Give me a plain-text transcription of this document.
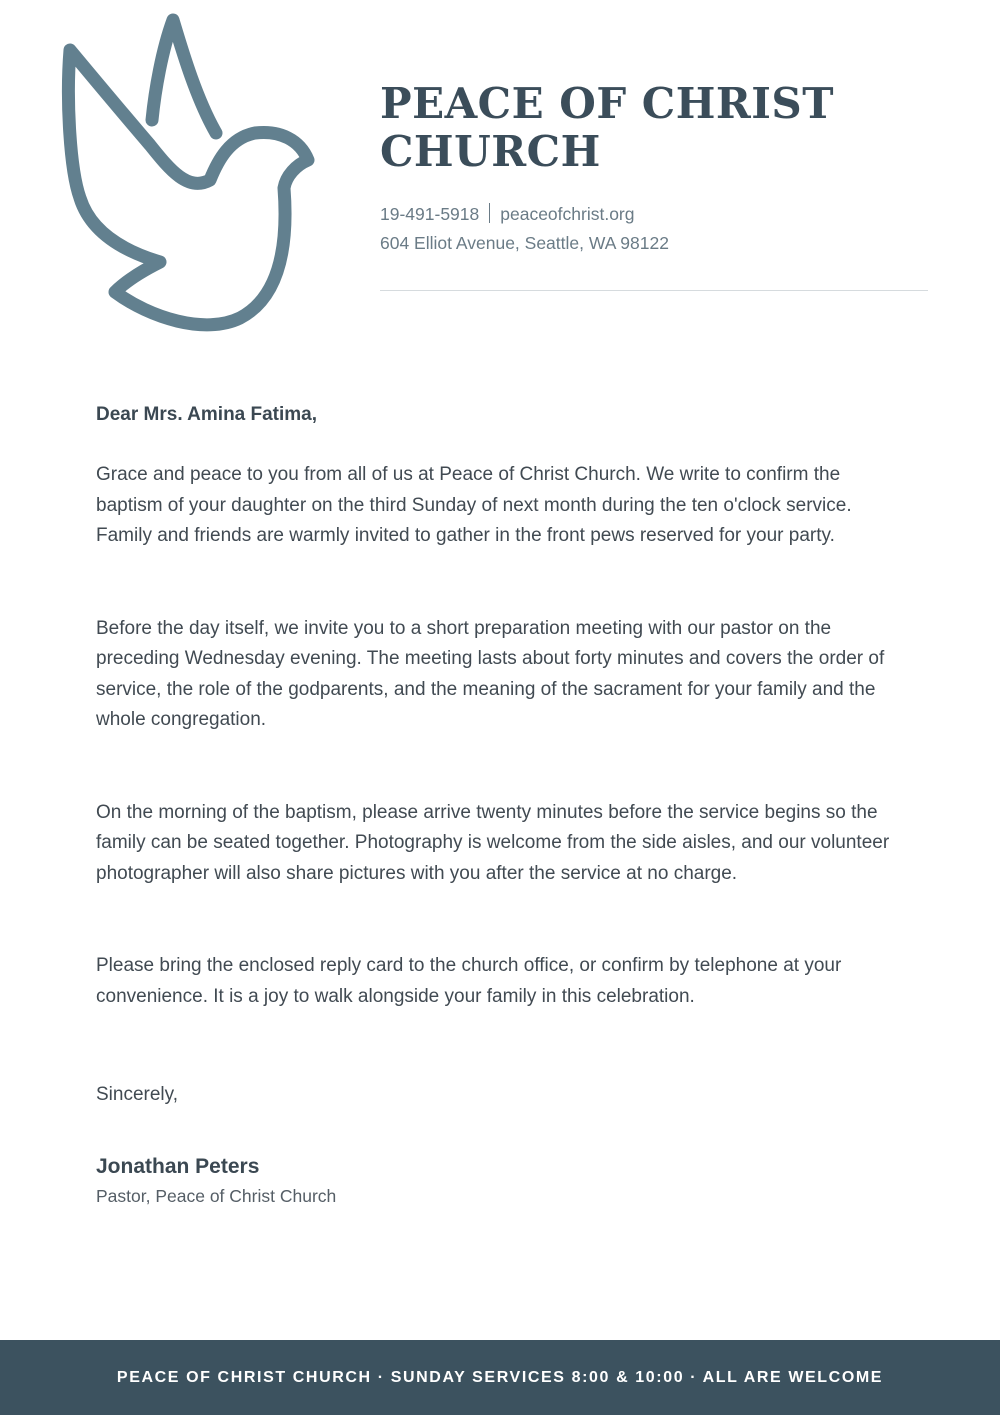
PEACE OF CHRIST CHURCH
19-491-5918 peaceofchrist.org
604 Elliot Avenue, Seattle, WA 98122

Dear Mrs. Amina Fatima,

Grace and peace to you from all of us at Peace of Christ Church. We write to confirm the baptism of your daughter on the third Sunday of next month during the ten o'clock service. Family and friends are warmly invited to gather in the front pews reserved for your party.

Before the day itself, we invite you to a short preparation meeting with our pastor on the preceding Wednesday evening. The meeting lasts about forty minutes and covers the order of service, the role of the godparents, and the meaning of the sacrament for your family and the whole congregation.

On the morning of the baptism, please arrive twenty minutes before the service begins so the family can be seated together. Photography is welcome from the side aisles, and our volunteer photographer will also share pictures with you after the service at no charge.

Please bring the enclosed reply card to the church office, or confirm by telephone at your convenience. It is a joy to walk alongside your family in this celebration.

Sincerely,

Jonathan Peters

Pastor, Peace of Christ Church

PEACE OF CHRIST CHURCH · SUNDAY SERVICES 8:00 & 10:00 · ALL ARE WELCOME
